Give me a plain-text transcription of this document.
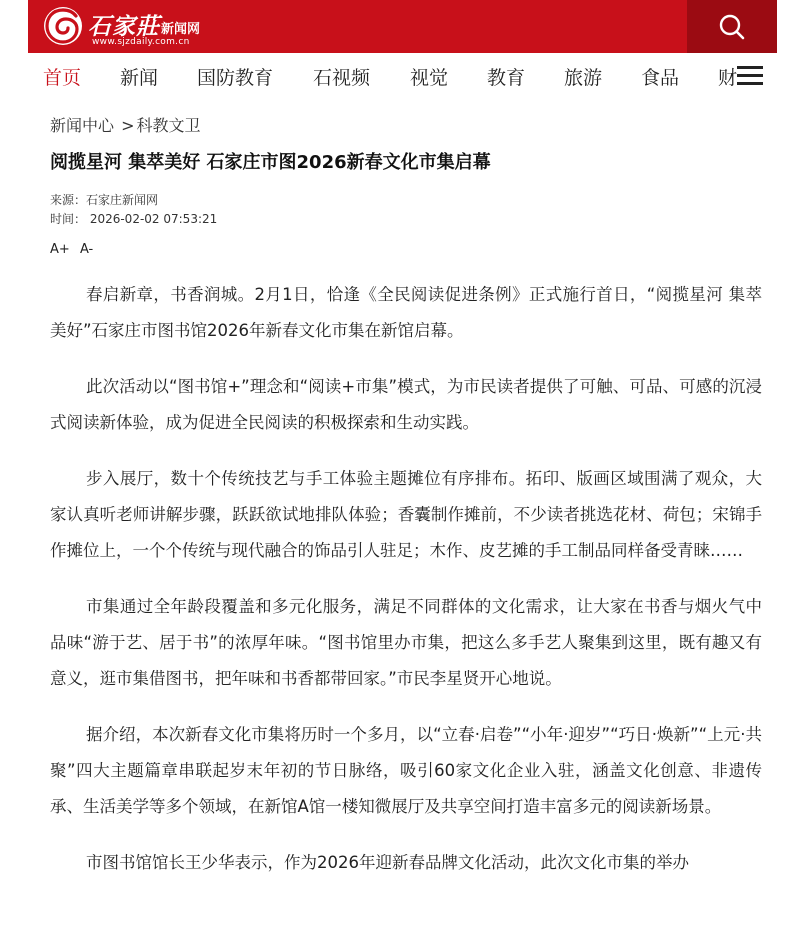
石家莊 新闻网
www.sjzdaily.com.cn
首页 新闻 国防教育 石视频 视觉 教育 旅游 食品 财
新闻中心 > 科教文卫
阅揽星河 集萃美好 石家庄市图2026新春文化市集启幕
来源：石家庄新闻网
时间： 2026-02-02 07:53:21
A+ A-

春启新章，书香润城。2月1日，恰逢《全民阅读促进条例》正式施行首日，“阅揽星河 集萃美好”石家庄市图书馆2026年新春文化市集在新馆启幕。

此次活动以“图书馆+”理念和“阅读+市集”模式，为市民读者提供了可触、可品、可感的沉浸式阅读新体验，成为促进全民阅读的积极探索和生动实践。

步入展厅，数十个传统技艺与手工体验主题摊位有序排布。拓印、版画区域围满了观众，大家认真听老师讲解步骤，跃跃欲试地排队体验；香囊制作摊前，不少读者挑选花材、荷包；宋锦手作摊位上，一个个传统与现代融合的饰品引人驻足；木作、皮艺摊的手工制品同样备受青睐……

市集通过全年龄段覆盖和多元化服务，满足不同群体的文化需求，让大家在书香与烟火气中品味“游于艺、居于书”的浓厚年味。“图书馆里办市集，把这么多手艺人聚集到这里，既有趣又有意义，逛市集借图书，把年味和书香都带回家。”市民李星贤开心地说。

据介绍，本次新春文化市集将历时一个多月，以“立春·启卷”“小年·迎岁”“巧日·焕新”“上元·共聚”四大主题篇章串联起岁末年初的节日脉络，吸引60家文化企业入驻，涵盖文化创意、非遗传承、生活美学等多个领域，在新馆A馆一楼知微展厅及共享空间打造丰富多元的阅读新场景。

市图书馆馆长王少华表示，作为2026年迎新春品牌文化活动，此次文化市集的举办
